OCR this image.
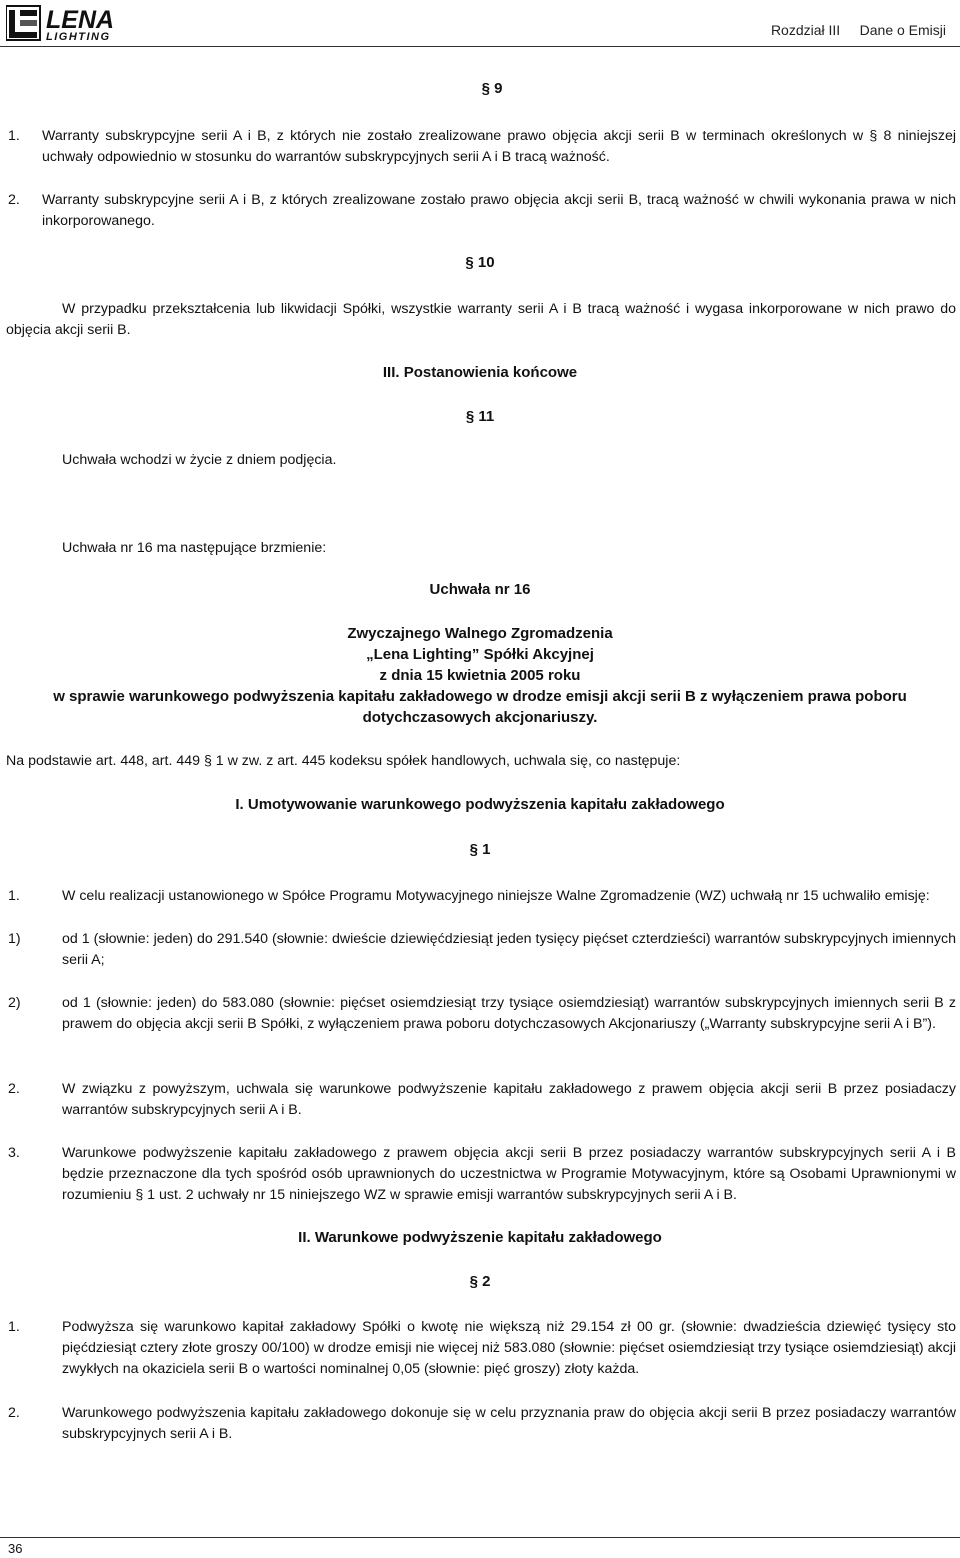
LENA
LIGHTING	Rozdział III     Dane o Emisji
§ 9
1. Warranty subskrypcyjne serii A i B, z których nie zostało zrealizowane prawo objęcia akcji serii B w terminach określonych w § 8 niniejszej uchwały odpowiednio w stosunku do warrantów subskrypcyjnych serii A i B tracą ważność.
2. Warranty subskrypcyjne serii A i B, z których zrealizowane zostało prawo objęcia akcji serii B, tracą ważność w chwili wykonania prawa w nich inkorporowanego.
§ 10
W przypadku przekształcenia lub likwidacji Spółki, wszystkie warranty serii A i B tracą ważność i wygasa inkorporowane w nich prawo do objęcia akcji serii B.
III. Postanowienia końcowe
§ 11
Uchwała wchodzi w życie z dniem podjęcia.
Uchwała nr 16 ma następujące brzmienie:
Uchwała nr 16
Zwyczajnego Walnego Zgromadzenia
„Lena Lighting” Spółki Akcyjnej
z dnia 15 kwietnia 2005 roku
w sprawie warunkowego podwyższenia kapitału zakładowego w drodze emisji akcji serii B z wyłączeniem prawa poboru
dotychczasowych akcjonariuszy.
Na podstawie art. 448, art. 449 § 1 w zw. z art. 445 kodeksu spółek handlowych, uchwala się, co następuje:
I. Umotywowanie warunkowego podwyższenia kapitału zakładowego
§ 1
1.	W celu realizacji ustanowionego w Spółce Programu Motywacyjnego niniejsze Walne Zgromadzenie (WZ) uchwałą nr 15 uchwaliło emisję:
1)	od 1 (słownie: jeden) do 291.540 (słownie: dwieście dziewięćdziesiąt jeden tysięcy pięćset czterdzieści) warrantów subskrypcyjnych imiennych serii A;
2)	od 1 (słownie: jeden) do 583.080 (słownie: pięćset osiemdziesiąt trzy tysiące osiemdziesiąt) warrantów subskrypcyjnych imiennych serii B z prawem do objęcia akcji serii B Spółki, z wyłączeniem prawa poboru dotychczasowych Akcjonariuszy („Warranty subskrypcyjne serii A i B”).
2.	W związku z powyższym, uchwala się warunkowe podwyższenie kapitału zakładowego z prawem objęcia akcji serii B przez posiadaczy warrantów subskrypcyjnych serii A i B.
3.	Warunkowe podwyższenie kapitału zakładowego z prawem objęcia akcji serii B przez posiadaczy warrantów subskrypcyjnych serii A i B będzie przeznaczone dla tych spośród osób uprawnionych do uczestnictwa w Programie Motywacyjnym, które są Osobami Uprawnionymi w rozumieniu § 1 ust. 2 uchwały nr 15 niniejszego WZ w sprawie emisji warrantów subskrypcyjnych serii A i B.
II. Warunkowe podwyższenie kapitału zakładowego
§ 2
1.	Podwyższa się warunkowo kapitał zakładowy Spółki o kwotę nie większą niż 29.154 zł 00 gr. (słownie: dwadzieścia dziewięć tysięcy sto pięćdziesiąt cztery złote groszy 00/100) w drodze emisji nie więcej niż 583.080 (słownie: pięćset osiemdziesiąt trzy tysiące osiemdziesiąt) akcji zwykłych na okaziciela serii B o wartości nominalnej 0,05 (słownie: pięć groszy) złoty każda.
2.	Warunkowego podwyższenia kapitału zakładowego dokonuje się w celu przyznania praw do objęcia akcji serii B przez posiadaczy warrantów subskrypcyjnych serii A i B.
36
